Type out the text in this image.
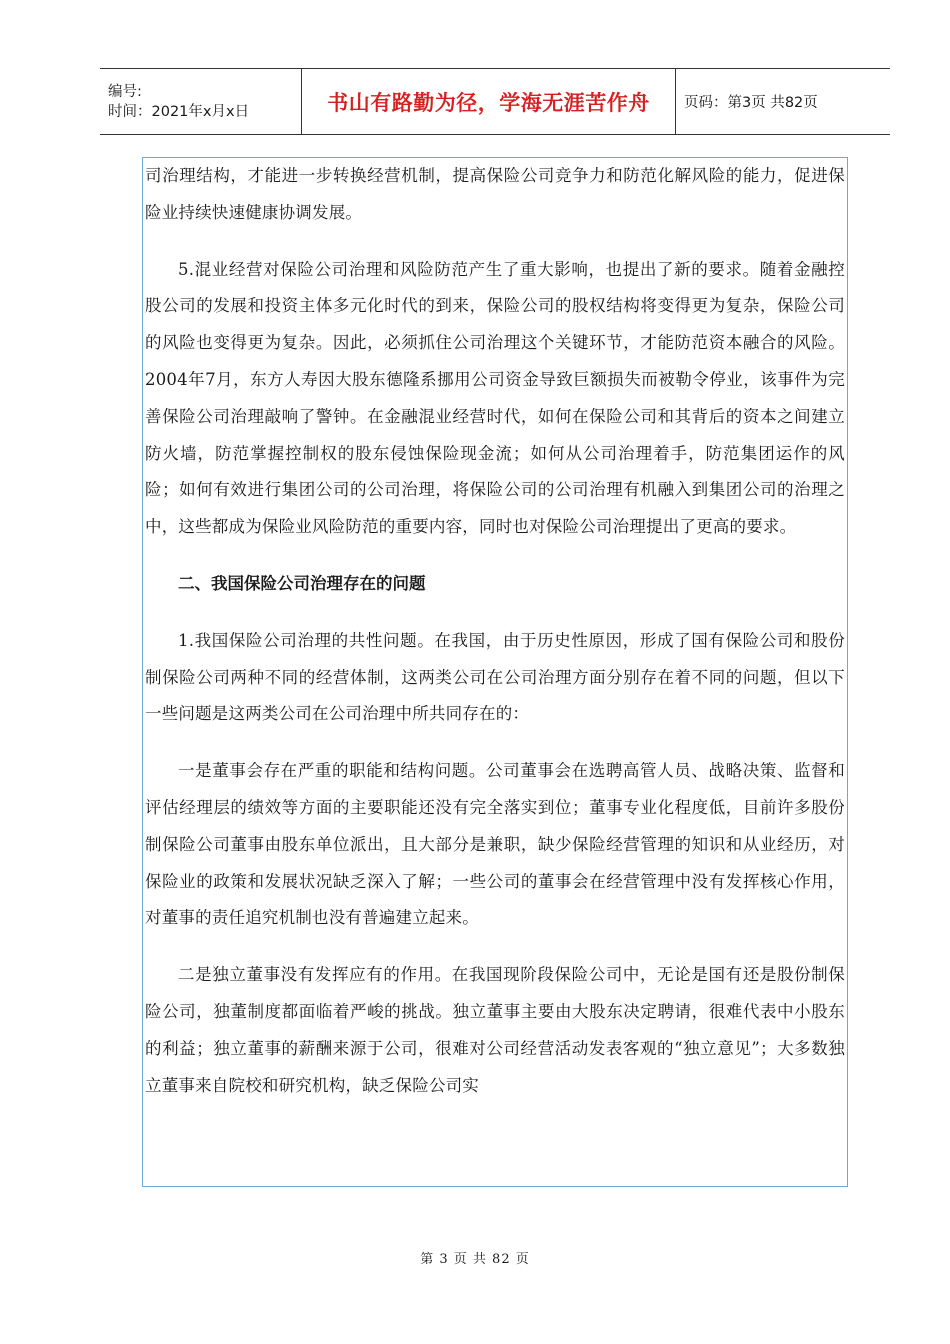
编号:
时间：2021年x月x日	书山有路勤为径，学海无涯苦作舟	页码：第3页 共82页

司治理结构，才能进一步转换经营机制，提高保险公司竞争力和防范化解风险的能力，促进保险业持续快速健康协调发展。

5.混业经营对保险公司治理和风险防范产生了重大影响，也提出了新的要求。随着金融控股公司的发展和投资主体多元化时代的到来，保险公司的股权结构将变得更为复杂，保险公司的风险也变得更为复杂。因此，必须抓住公司治理这个关键环节，才能防范资本融合的风险。2004年7月，东方人寿因大股东德隆系挪用公司资金导致巨额损失而被勒令停业，该事件为完善保险公司治理敲响了警钟。在金融混业经营时代，如何在保险公司和其背后的资本之间建立防火墙，防范掌握控制权的股东侵蚀保险现金流；如何从公司治理着手，防范集团运作的风险；如何有效进行集团公司的公司治理，将保险公司的公司治理有机融入到集团公司的治理之中，这些都成为保险业风险防范的重要内容，同时也对保险公司治理提出了更高的要求。

二、我国保险公司治理存在的问题

1.我国保险公司治理的共性问题。在我国，由于历史性原因，形成了国有保险公司和股份制保险公司两种不同的经营体制，这两类公司在公司治理方面分别存在着不同的问题，但以下一些问题是这两类公司在公司治理中所共同存在的：

一是董事会存在严重的职能和结构问题。公司董事会在选聘高管人员、战略决策、监督和评估经理层的绩效等方面的主要职能还没有完全落实到位；董事专业化程度低，目前许多股份制保险公司董事由股东单位派出，且大部分是兼职，缺少保险经营管理的知识和从业经历，对保险业的政策和发展状况缺乏深入了解；一些公司的董事会在经营管理中没有发挥核心作用，对董事的责任追究机制也没有普遍建立起来。

二是独立董事没有发挥应有的作用。在我国现阶段保险公司中，无论是国有还是股份制保险公司，独董制度都面临着严峻的挑战。独立董事主要由大股东决定聘请，很难代表中小股东的利益；独立董事的薪酬来源于公司，很难对公司经营活动发表客观的“独立意见”；大多数独立董事来自院校和研究机构，缺乏保险公司实

第 3 页 共 82 页
